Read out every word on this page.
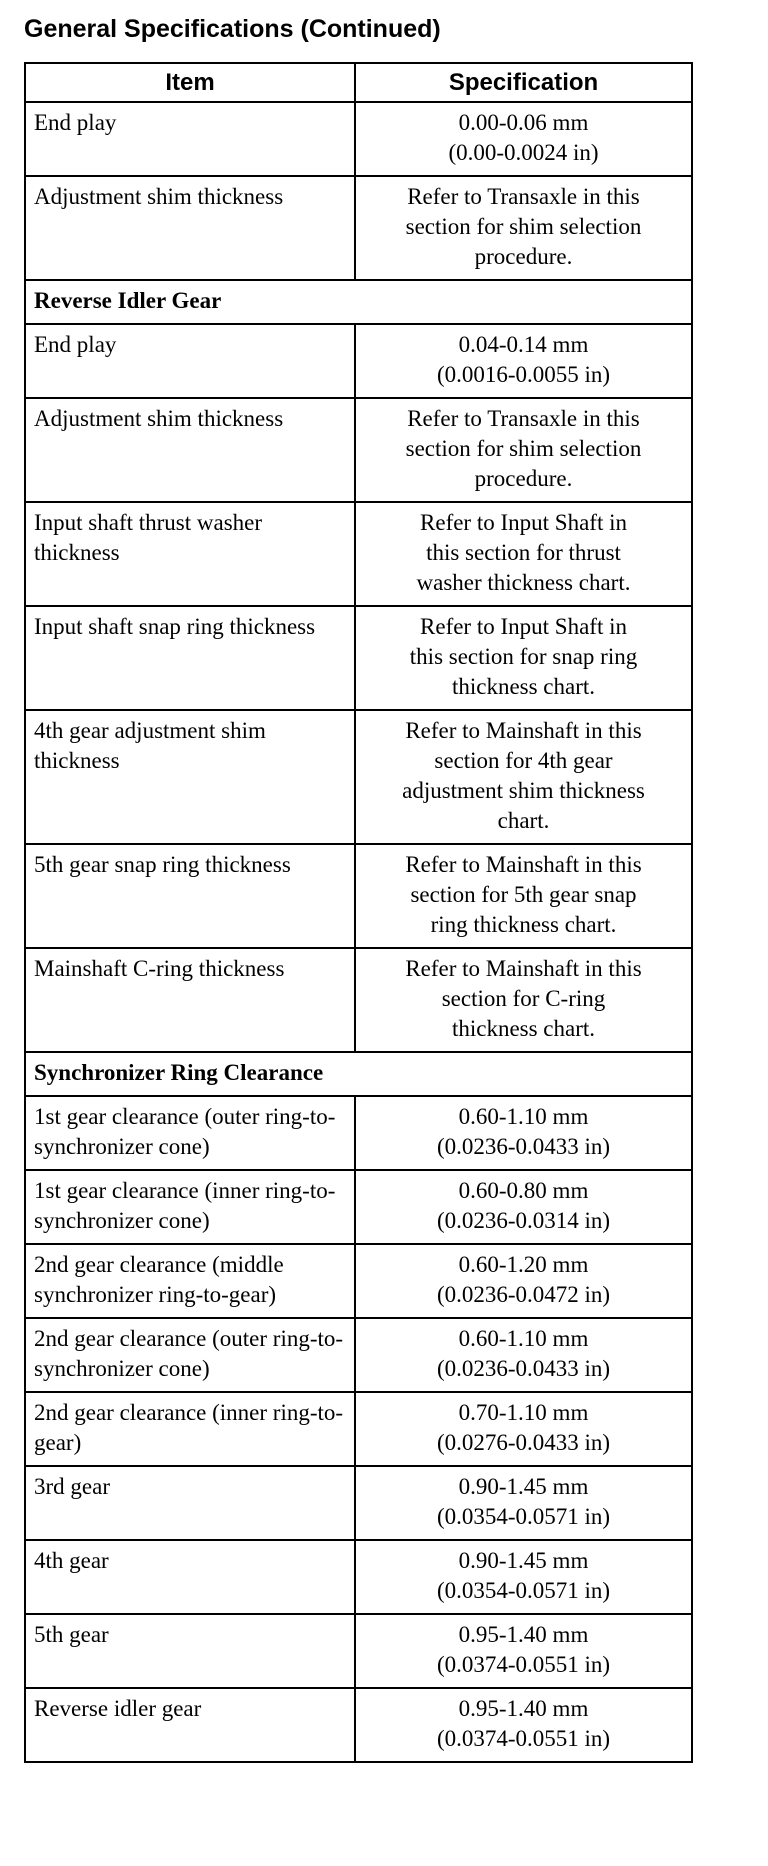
General Specifications (Continued)
Item	Specification
End play	0.00-0.06 mm
(0.00-0.0024 in)

Adjustment shim thickness	Refer to Transaxle in this
section for shim selection
procedure.

Reverse Idler Gear	
End play	0.04-0.14 mm
(0.0016-0.0055 in)

Adjustment shim thickness	Refer to Transaxle in this
section for shim selection
procedure.

Input shaft thrust washer thickness	Refer to Input Shaft in
this section for thrust
washer thickness chart.

Input shaft snap ring thickness	Refer to Input Shaft in
this section for snap ring
thickness chart.

4th gear adjustment shim thickness	Refer to Mainshaft in this
section for 4th gear
adjustment shim thickness
chart.

5th gear snap ring thickness	Refer to Mainshaft in this
section for 5th gear snap
ring thickness chart.

Mainshaft C-ring thickness	Refer to Mainshaft in this
section for C-ring
thickness chart.

Synchronizer Ring Clearance	
1st gear clearance (outer ring-to-synchronizer cone)	0.60-1.10 mm
(0.0236-0.0433 in)

1st gear clearance (inner ring-to-synchronizer cone)	0.60-0.80 mm
(0.0236-0.0314 in)

2nd gear clearance (middle synchronizer ring-to-gear)	0.60-1.20 mm
(0.0236-0.0472 in)

2nd gear clearance (outer ring-to-synchronizer cone)	0.60-1.10 mm
(0.0236-0.0433 in)

2nd gear clearance (inner ring-to-gear)	0.70-1.10 mm
(0.0276-0.0433 in)

3rd gear	0.90-1.45 mm
(0.0354-0.0571 in)

4th gear	0.90-1.45 mm
(0.0354-0.0571 in)

5th gear	0.95-1.40 mm
(0.0374-0.0551 in)

Reverse idler gear	0.95-1.40 mm
(0.0374-0.0551 in)
